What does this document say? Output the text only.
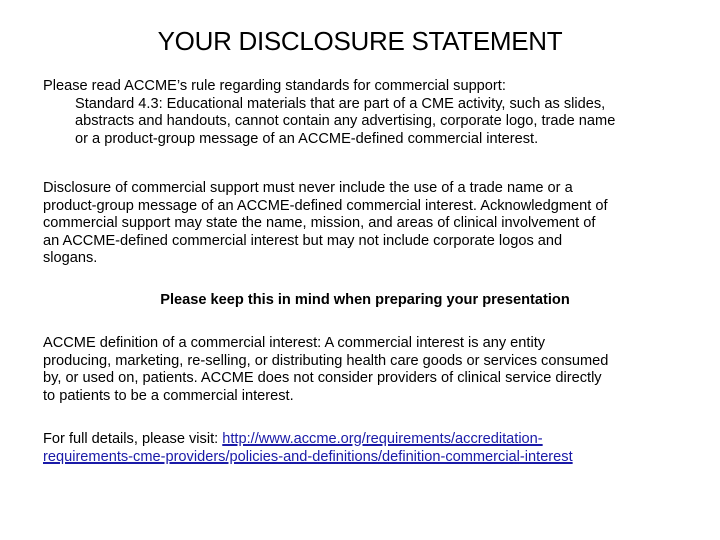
YOUR DISCLOSURE STATEMENT
Please read ACCME’s rule regarding standards for commercial support:
Standard 4.3: Educational materials that are part of a CME activity, such as slides,
abstracts and handouts, cannot contain any advertising, corporate logo, trade name
or a product-group message of an ACCME-defined commercial interest.
Disclosure of commercial support must never include the use of a trade name or a
product-group message of an ACCME-defined commercial interest. Acknowledgment of
commercial support may state the name, mission, and areas of clinical involvement of
an ACCME-defined commercial interest but may not include corporate logos and
slogans.
Please keep this in mind when preparing your presentation
ACCME definition of a commercial interest: A commercial interest is any entity
producing, marketing, re-selling, or distributing health care goods or services consumed
by, or used on, patients. ACCME does not consider providers of clinical service directly
to patients to be a commercial interest.
For full details, please visit: http://www.accme.org/requirements/accreditation-
requirements-cme-providers/policies-and-definitions/definition-commercial-interest
